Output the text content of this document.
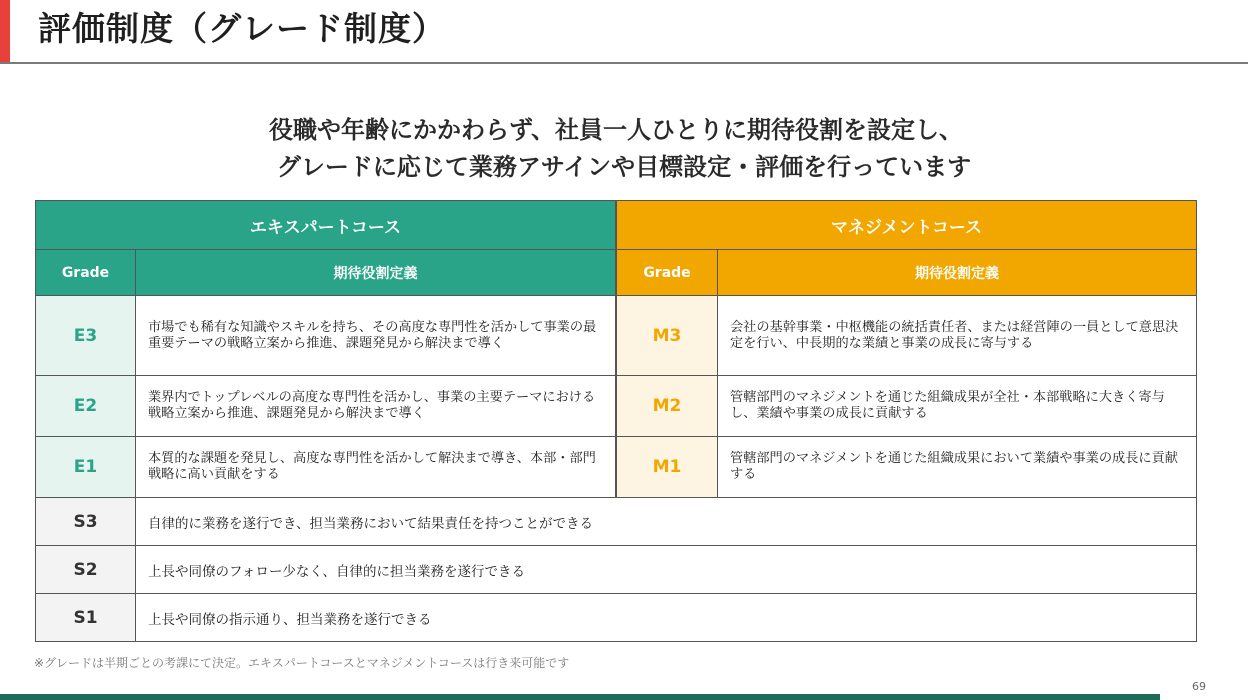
評価制度（グレード制度）
役職や年齢にかかわらず、社員一人ひとりに期待役割を設定し、
グレードに応じて業務アサインや目標設定・評価を行っています
エキスパートコース	マネジメントコース
Grade	期待役割定義	Grade	期待役割定義
E3	市場でも稀有な知識やスキルを持ち、その高度な専門性を活かして事業の最重要テーマの戦略立案から推進、課題発見から解決まで導く	M3	会社の基幹事業・中枢機能の統括責任者、または経営陣の一員として意思決定を行い、中長期的な業績と事業の成長に寄与する
E2	業界内でトップレベルの高度な専門性を活かし、事業の主要テーマにおける戦略立案から推進、課題発見から解決まで導く	M2	管轄部門のマネジメントを通じた組織成果が全社・本部戦略に大きく寄与し、業績や事業の成長に貢献する
E1	本質的な課題を発見し、高度な専門性を活かして解決まで導き、本部・部門戦略に高い貢献をする	M1	管轄部門のマネジメントを通じた組織成果において業績や事業の成長に貢献する
S3	自律的に業務を遂行でき、担当業務において結果責任を持つことができる
S2	上長や同僚のフォロー少なく、自律的に担当業務を遂行できる
S1	上長や同僚の指示通り、担当業務を遂行できる
※グレードは半期ごとの考課にて決定。エキスパートコースとマネジメントコースは行き来可能です
69
